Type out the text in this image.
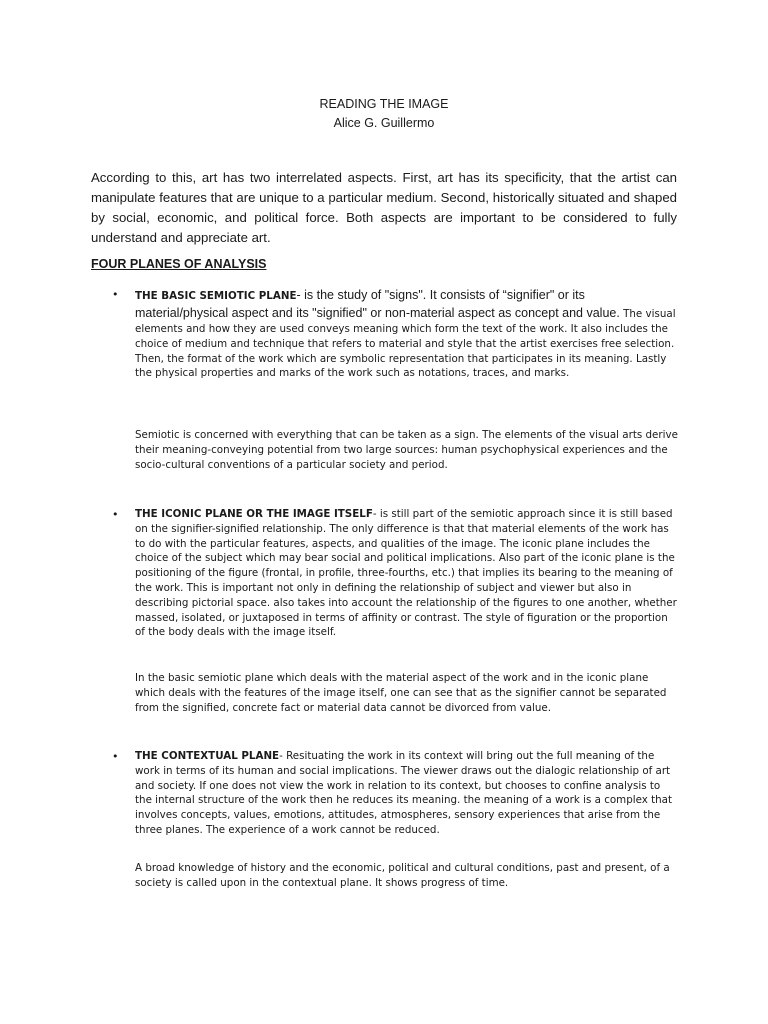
READING THE IMAGE
Alice G. Guillermo
According to this, art has two interrelated aspects. First, art has its specificity, that the artist can manipulate features that are unique to a particular medium. Second, historically situated and shaped by social, economic, and political force. Both aspects are important to be considered to fully understand and appreciate art.
FOUR PLANES OF ANALYSIS
•	THE BASIC SEMIOTIC PLANE- is the study of "signs". It consists of “signifier" or its material/physical aspect and its "signified" or non-material aspect as concept and value. The visual elements and how they are used conveys meaning which form the text of the work. It also includes the choice of medium and technique that refers to material and style that the artist exercises free selection. Then, the format of the work which are symbolic representation that participates in its meaning. Lastly the physical properties and marks of the work such as notations, traces, and marks.
Semiotic is concerned with everything that can be taken as a sign. The elements of the visual arts derive their meaning-conveying potential from two large sources: human psychophysical experiences and the socio-cultural conventions of a particular society and period.
•	THE ICONIC PLANE OR THE IMAGE ITSELF- is still part of the semiotic approach since it is still based on the signifier-signified relationship. The only difference is that that material elements of the work has to do with the particular features, aspects, and qualities of the image. The iconic plane includes the choice of the subject which may bear social and political implications. Also part of the iconic plane is the positioning of the figure (frontal, in profile, three-fourths, etc.) that implies its bearing to the meaning of the work. This is important not only in defining the relationship of subject and viewer but also in describing pictorial space. also takes into account the relationship of the figures to one another, whether massed, isolated, or juxtaposed in terms of affinity or contrast. The style of figuration or the proportion of the body deals with the image itself.
In the basic semiotic plane which deals with the material aspect of the work and in the iconic plane which deals with the features of the image itself, one can see that as the signifier cannot be separated from the signified, concrete fact or material data cannot be divorced from value.
•	THE CONTEXTUAL PLANE- Resituating the work in its context will bring out the full meaning of the work in terms of its human and social implications. The viewer draws out the dialogic relationship of art and society. If one does not view the work in relation to its context, but chooses to confine analysis to the internal structure of the work then he reduces its meaning. the meaning of a work is a complex that involves concepts, values, emotions, attitudes, atmospheres, sensory experiences that arise from the three planes. The experience of a work cannot be reduced.
A broad knowledge of history and the economic, political and cultural conditions, past and present, of a society is called upon in the contextual plane. It shows progress of time.
